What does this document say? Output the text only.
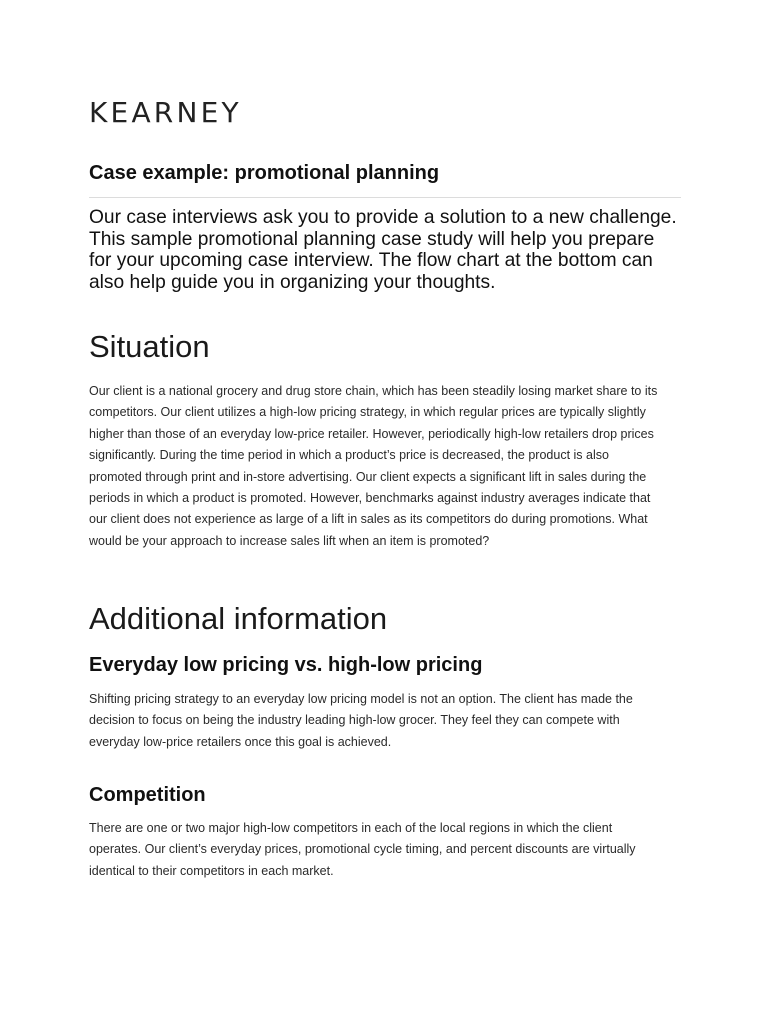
KEARNEY
Case example: promotional planning
Our case interviews ask you to provide a solution to a new challenge. This sample promotional planning case study will help you prepare for your upcoming case interview. The flow chart at the bottom can also help guide you in organizing your thoughts.
Situation
Our client is a national grocery and drug store chain, which has been steadily losing market share to its competitors. Our client utilizes a high-low pricing strategy, in which regular prices are typically slightly higher than those of an everyday low-price retailer. However, periodically high-low retailers drop prices significantly. During the time period in which a product’s price is decreased, the product is also promoted through print and in-store advertising. Our client expects a significant lift in sales during the periods in which a product is promoted. However, benchmarks against industry averages indicate that our client does not experience as large of a lift in sales as its competitors do during promotions. What would be your approach to increase sales lift when an item is promoted?
Additional information
Everyday low pricing vs. high-low pricing
Shifting pricing strategy to an everyday low pricing model is not an option. The client has made the decision to focus on being the industry leading high-low grocer. They feel they can compete with everyday low-price retailers once this goal is achieved.
Competition
There are one or two major high-low competitors in each of the local regions in which the client operates. Our client’s everyday prices, promotional cycle timing, and percent discounts are virtually identical to their competitors in each market.
